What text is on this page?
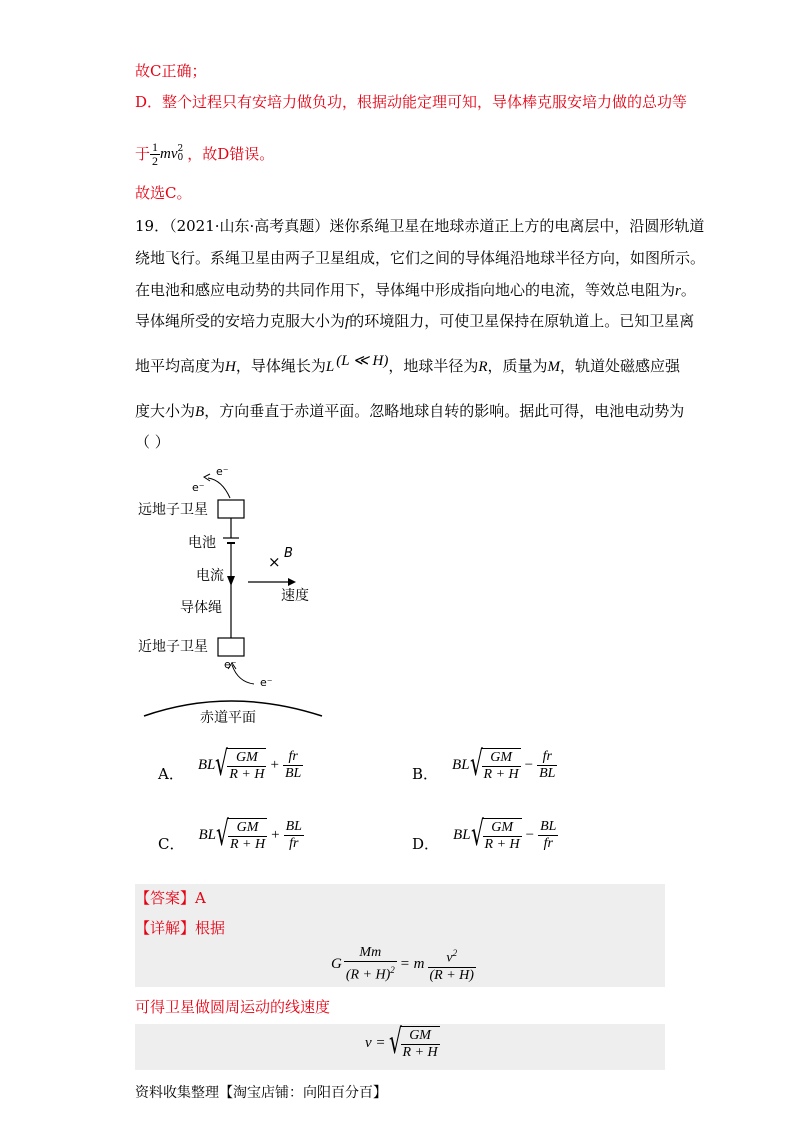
故C正确；
D．整个过程只有安培力做负功，根据动能定理可知，导体棒克服安培力做的总功等
于 $\frac{1}{2}$ mv 2
0 ，故D错误。
故选C。
19．（2021·山东·高考真题）迷你系绳卫星在地球赤道正上方的电离层中，沿圆形轨道
绕地飞行。系绳卫星由两子卫星组成，它们之间的导体绳沿地球半径方向，如图所示。
在电池和感应电动势的共同作用下，导体绳中形成指向地心的电流，等效总电阻为r。
导体绳所受的安培力克服大小为f的环境阻力，可使卫星保持在原轨道上。已知卫星离
地平均高度为H，导体绳长为L (L ≪ H)，地球半径为R，质量为M，轨道处磁感应强
度大小为B，方向垂直于赤道平面。忽略地球自转的影响。据此可得，电池电动势为
（ ）
e⁻
e⁻
远地子卫星
电池
电流
导体绳
× B
速度
近地子卫星
e⁻
e⁻
赤道平面
A． BL √
$\frac{GM}{R + H} + \frac{fr}{BL}$	B． BL √
$\frac{GM}{R + H} - \frac{fr}{BL}$
C． BL √
$\frac{GM}{R + H} + \frac{BL}{fr}$	D． BL √
$\frac{GM}{R + H} - \frac{BL}{fr}$
【答案】A
【详解】根据
G $\frac{Mm}{(R + H)^2} = m \frac{v^2}{(R + H)}$
可得卫星做圆周运动的线速度
v = √
$\frac{GM}{R + H}$
资料收集整理【淘宝店铺：向阳百分百】
